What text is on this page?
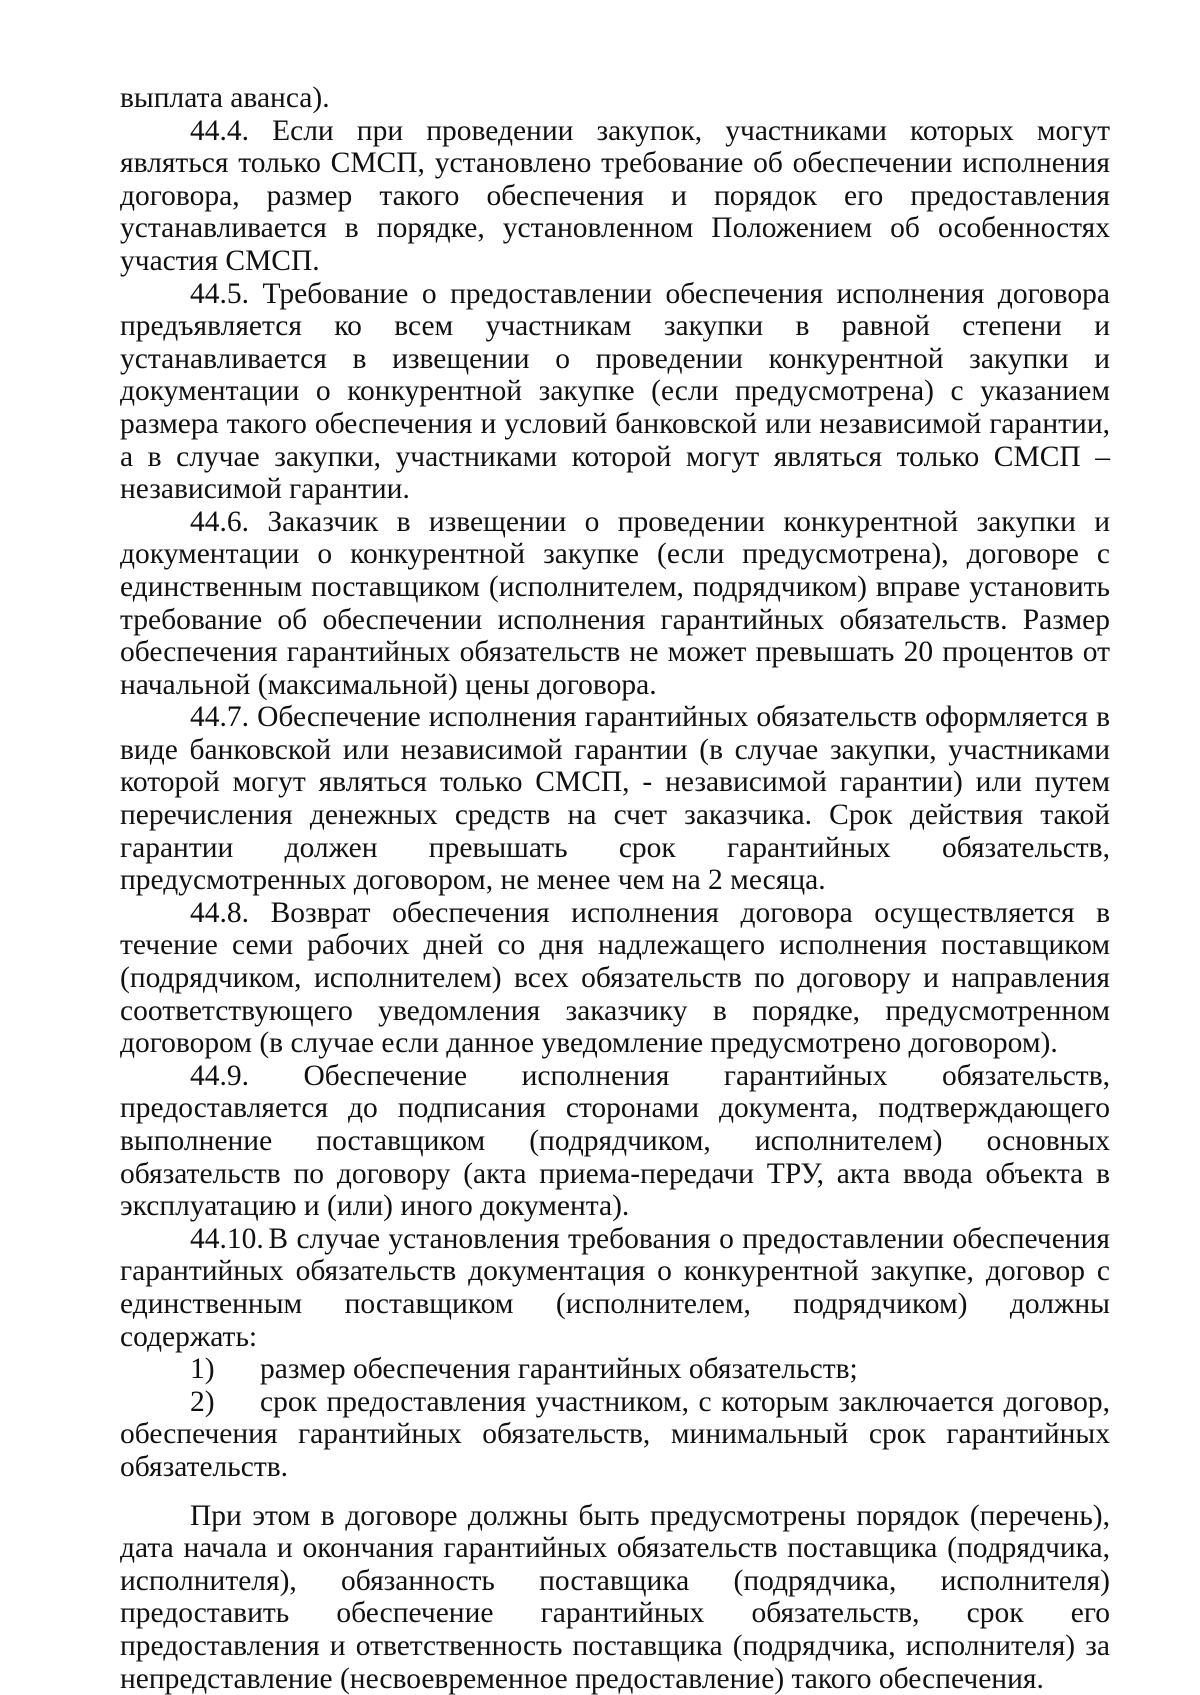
выплата аванса).

44.4. Если при проведении закупок, участниками которых могут являться только СМСП, установлено требование об обеспечении исполнения договора, размер такого обеспечения и порядок его предоставления устанавливается в порядке, установленном Положением об особенностях участия СМСП.

44.5. Требование о предоставлении обеспечения исполнения договора предъявляется ко всем участникам закупки в равной степени и устанавливается в извещении о проведении конкурентной закупки и документации о конкурентной закупке (если предусмотрена) с указанием размера такого обеспечения и условий банковской или независимой гарантии, а в случае закупки, участниками которой могут являться только СМСП – независимой гарантии.

44.6. Заказчик в извещении о проведении конкурентной закупки и документации о конкурентной закупке (если предусмотрена), договоре с единственным поставщиком (исполнителем, подрядчиком) вправе установить требование об обеспечении исполнения гарантийных обязательств. Размер обеспечения гарантийных обязательств не может превышать 20 процентов от начальной (максимальной) цены договора.

44.7. Обеспечение исполнения гарантийных обязательств оформляется в виде банковской или независимой гарантии (в случае закупки, участниками которой могут являться только СМСП, - независимой гарантии) или путем перечисления денежных средств на счет заказчика. Срок действия такой гарантии должен превышать срок гарантийных обязательств, предусмотренных договором, не менее чем на 2 месяца.

44.8. Возврат обеспечения исполнения договора осуществляется в течение семи рабочих дней со дня надлежащего исполнения поставщиком (подрядчиком, исполнителем) всех обязательств по договору и направления соответствующего уведомления заказчику в порядке, предусмотренном договором (в случае если данное уведомление предусмотрено договором).

44.9. Обеспечение исполнения гарантийных обязательств, предоставляется до подписания сторонами документа, подтверждающего выполнение поставщиком (подрядчиком, исполнителем) основных обязательств по договору (акта приема-передачи ТРУ, акта ввода объекта в эксплуатацию и (или) иного документа).

44.10. В случае установления требования о предоставлении обеспечения гарантийных обязательств документация о конкурентной закупке, договор с единственным поставщиком (исполнителем, подрядчиком) должны содержать:

1) размер обеспечения гарантийных обязательств;

2) срок предоставления участником, с которым заключается договор, обеспечения гарантийных обязательств, минимальный срок гарантийных обязательств.

При этом в договоре должны быть предусмотрены порядок (перечень), дата начала и окончания гарантийных обязательств поставщика (подрядчика, исполнителя), обязанность поставщика (подрядчика, исполнителя) предоставить обеспечение гарантийных обязательств, срок его предоставления и ответственность поставщика (подрядчика, исполнителя) за непредставление (несвоевременное предоставление) такого обеспечения.
